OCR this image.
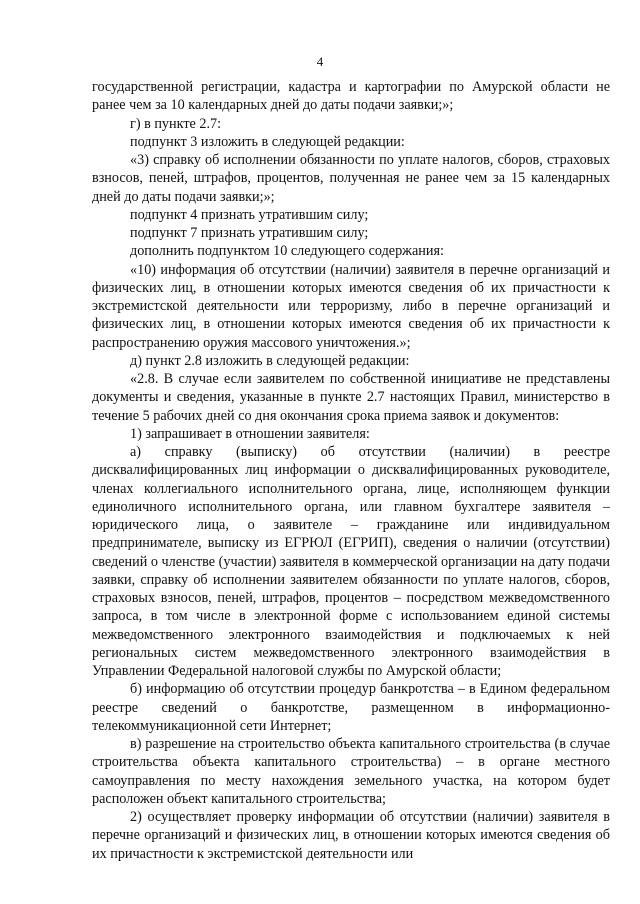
4

государственной регистрации, кадастра и картографии по Амурской области не ранее чем за 10 календарных дней до даты подачи заявки;»;

г) в пункте 2.7:

подпункт 3 изложить в следующей редакции:

«3) справку об исполнении обязанности по уплате налогов, сборов, страховых взносов, пеней, штрафов, процентов, полученная не ранее чем за 15 календарных дней до даты подачи заявки;»;

подпункт 4 признать утратившим силу;

подпункт 7 признать утратившим силу;

дополнить подпунктом 10 следующего содержания:

«10) информация об отсутствии (наличии) заявителя в перечне организаций и физических лиц, в отношении которых имеются сведения об их причастности к экстремистской деятельности или терроризму, либо в перечне организаций и физических лиц, в отношении которых имеются сведения об их причастности к распространению оружия массового уничтожения.»;

д) пункт 2.8 изложить в следующей редакции:

«2.8. В случае если заявителем по собственной инициативе не представлены документы и сведения, указанные в пункте 2.7 настоящих Правил, министерство в течение 5 рабочих дней со дня окончания срока приема заявок и документов:

1) запрашивает в отношении заявителя:

а) справку (выписку) об отсутствии (наличии) в реестре дисквалифицированных лиц информации о дисквалифицированных руководителе, членах коллегиального исполнительного органа, лице, исполняющем функции единоличного исполнительного органа, или главном бухгалтере заявителя – юридического лица, о заявителе – гражданине или индивидуальном предпринимателе, выписку из ЕГРЮЛ (ЕГРИП), сведения о наличии (отсутствии) сведений о членстве (участии) заявителя в коммерческой организации на дату подачи заявки, справку об исполнении заявителем обязанности по уплате налогов, сборов, страховых взносов, пеней, штрафов, процентов – посредством межведомственного запроса, в том числе в электронной форме с использованием единой системы межведомственного электронного взаимодействия и подключаемых к ней региональных систем межведомственного электронного взаимодействия в Управлении Федеральной налоговой службы по Амурской области;

б) информацию об отсутствии процедур банкротства – в Едином федеральном реестре сведений о банкротстве, размещенном в информационно-телекоммуникационной сети Интернет;

в) разрешение на строительство объекта капитального строительства (в случае строительства объекта капитального строительства) – в органе местного самоуправления по месту нахождения земельного участка, на котором будет расположен объект капитального строительства;

2) осуществляет проверку информации об отсутствии (наличии) заявителя в перечне организаций и физических лиц, в отношении которых имеются сведения об их причастности к экстремистской деятельности или
